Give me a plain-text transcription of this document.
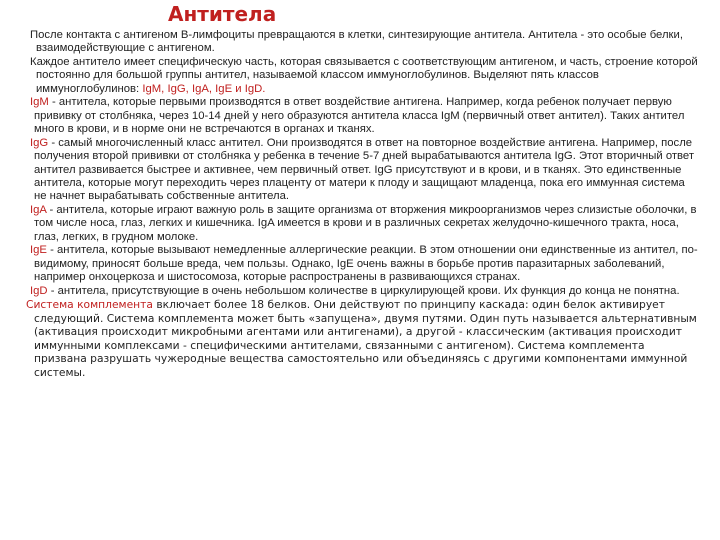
Антитела

После контакта с антигеном В-лимфоциты превращаются в клетки, синтезирующие антитела. Антитела - это особые белки, взаимодействующие с антигеном.

Каждое антитело имеет специфическую часть, которая связывается с соответствующим антигеном, и часть, строение которой постоянно для большой группы антител, называемой классом иммуноглобулинов. Выделяют пять классов иммуноглобулинов: IgM, IgG, IgA, IgE и IgD.

IgM - антитела, которые первыми производятся в ответ воздействие антигена. Например, когда ребенок получает первую прививку от столбняка, через 10-14 дней у него образуются антитела класса IgM (первичный ответ антител). Таких антител много в крови, и в норме они не встречаются в органах и тканях.

IgG - самый многочисленный класс антител. Они производятся в ответ на повторное воздействие антигена. Например, после получения второй прививки от столбняка у ребенка в течение 5-7 дней вырабатываются антитела IgG. Этот вторичный ответ антител развивается быстрее и активнее, чем первичный ответ. IgG присутствуют и в крови, и в тканях. Это единственные антитела, которые могут переходить через плаценту от матери к плоду и защищают младенца, пока его иммунная система не начнет вырабатывать собственные антитела.

IgA - антитела, которые играют важную роль в защите организма от вторжения микроорганизмов через слизистые оболочки, в том числе носа, глаз, легких и кишечника. IgA имеется в крови и в различных секретах желудочно-кишечного тракта, носа, глаз, легких, в грудном молоке.

IgE - антитела, которые вызывают немедленные аллергические реакции. В этом отношении они единственные из антител, по-видимому, приносят больше вреда, чем пользы. Однако, IgE очень важны в борьбе против паразитарных заболеваний, например онхоцеркоза и шистосомоза, которые распространены в развивающихся странах.

IgD - антитела, присутствующие в очень небольшом количестве в циркулирующей крови. Их функция до конца не понятна.

Система комплемента включает более 18 белков. Они действуют по принципу каскада: один белок активирует следующий. Система комплемента может быть «запущена», двумя путями. Один путь называется альтернативным (активация происходит микробными агентами или антигенами), а другой - классическим (активация происходит иммунными комплексами - специфическими антителами, связанными с антигеном). Система комплемента призвана разрушать чужеродные вещества самостоятельно или объединяясь с другими компонентами иммунной системы.
